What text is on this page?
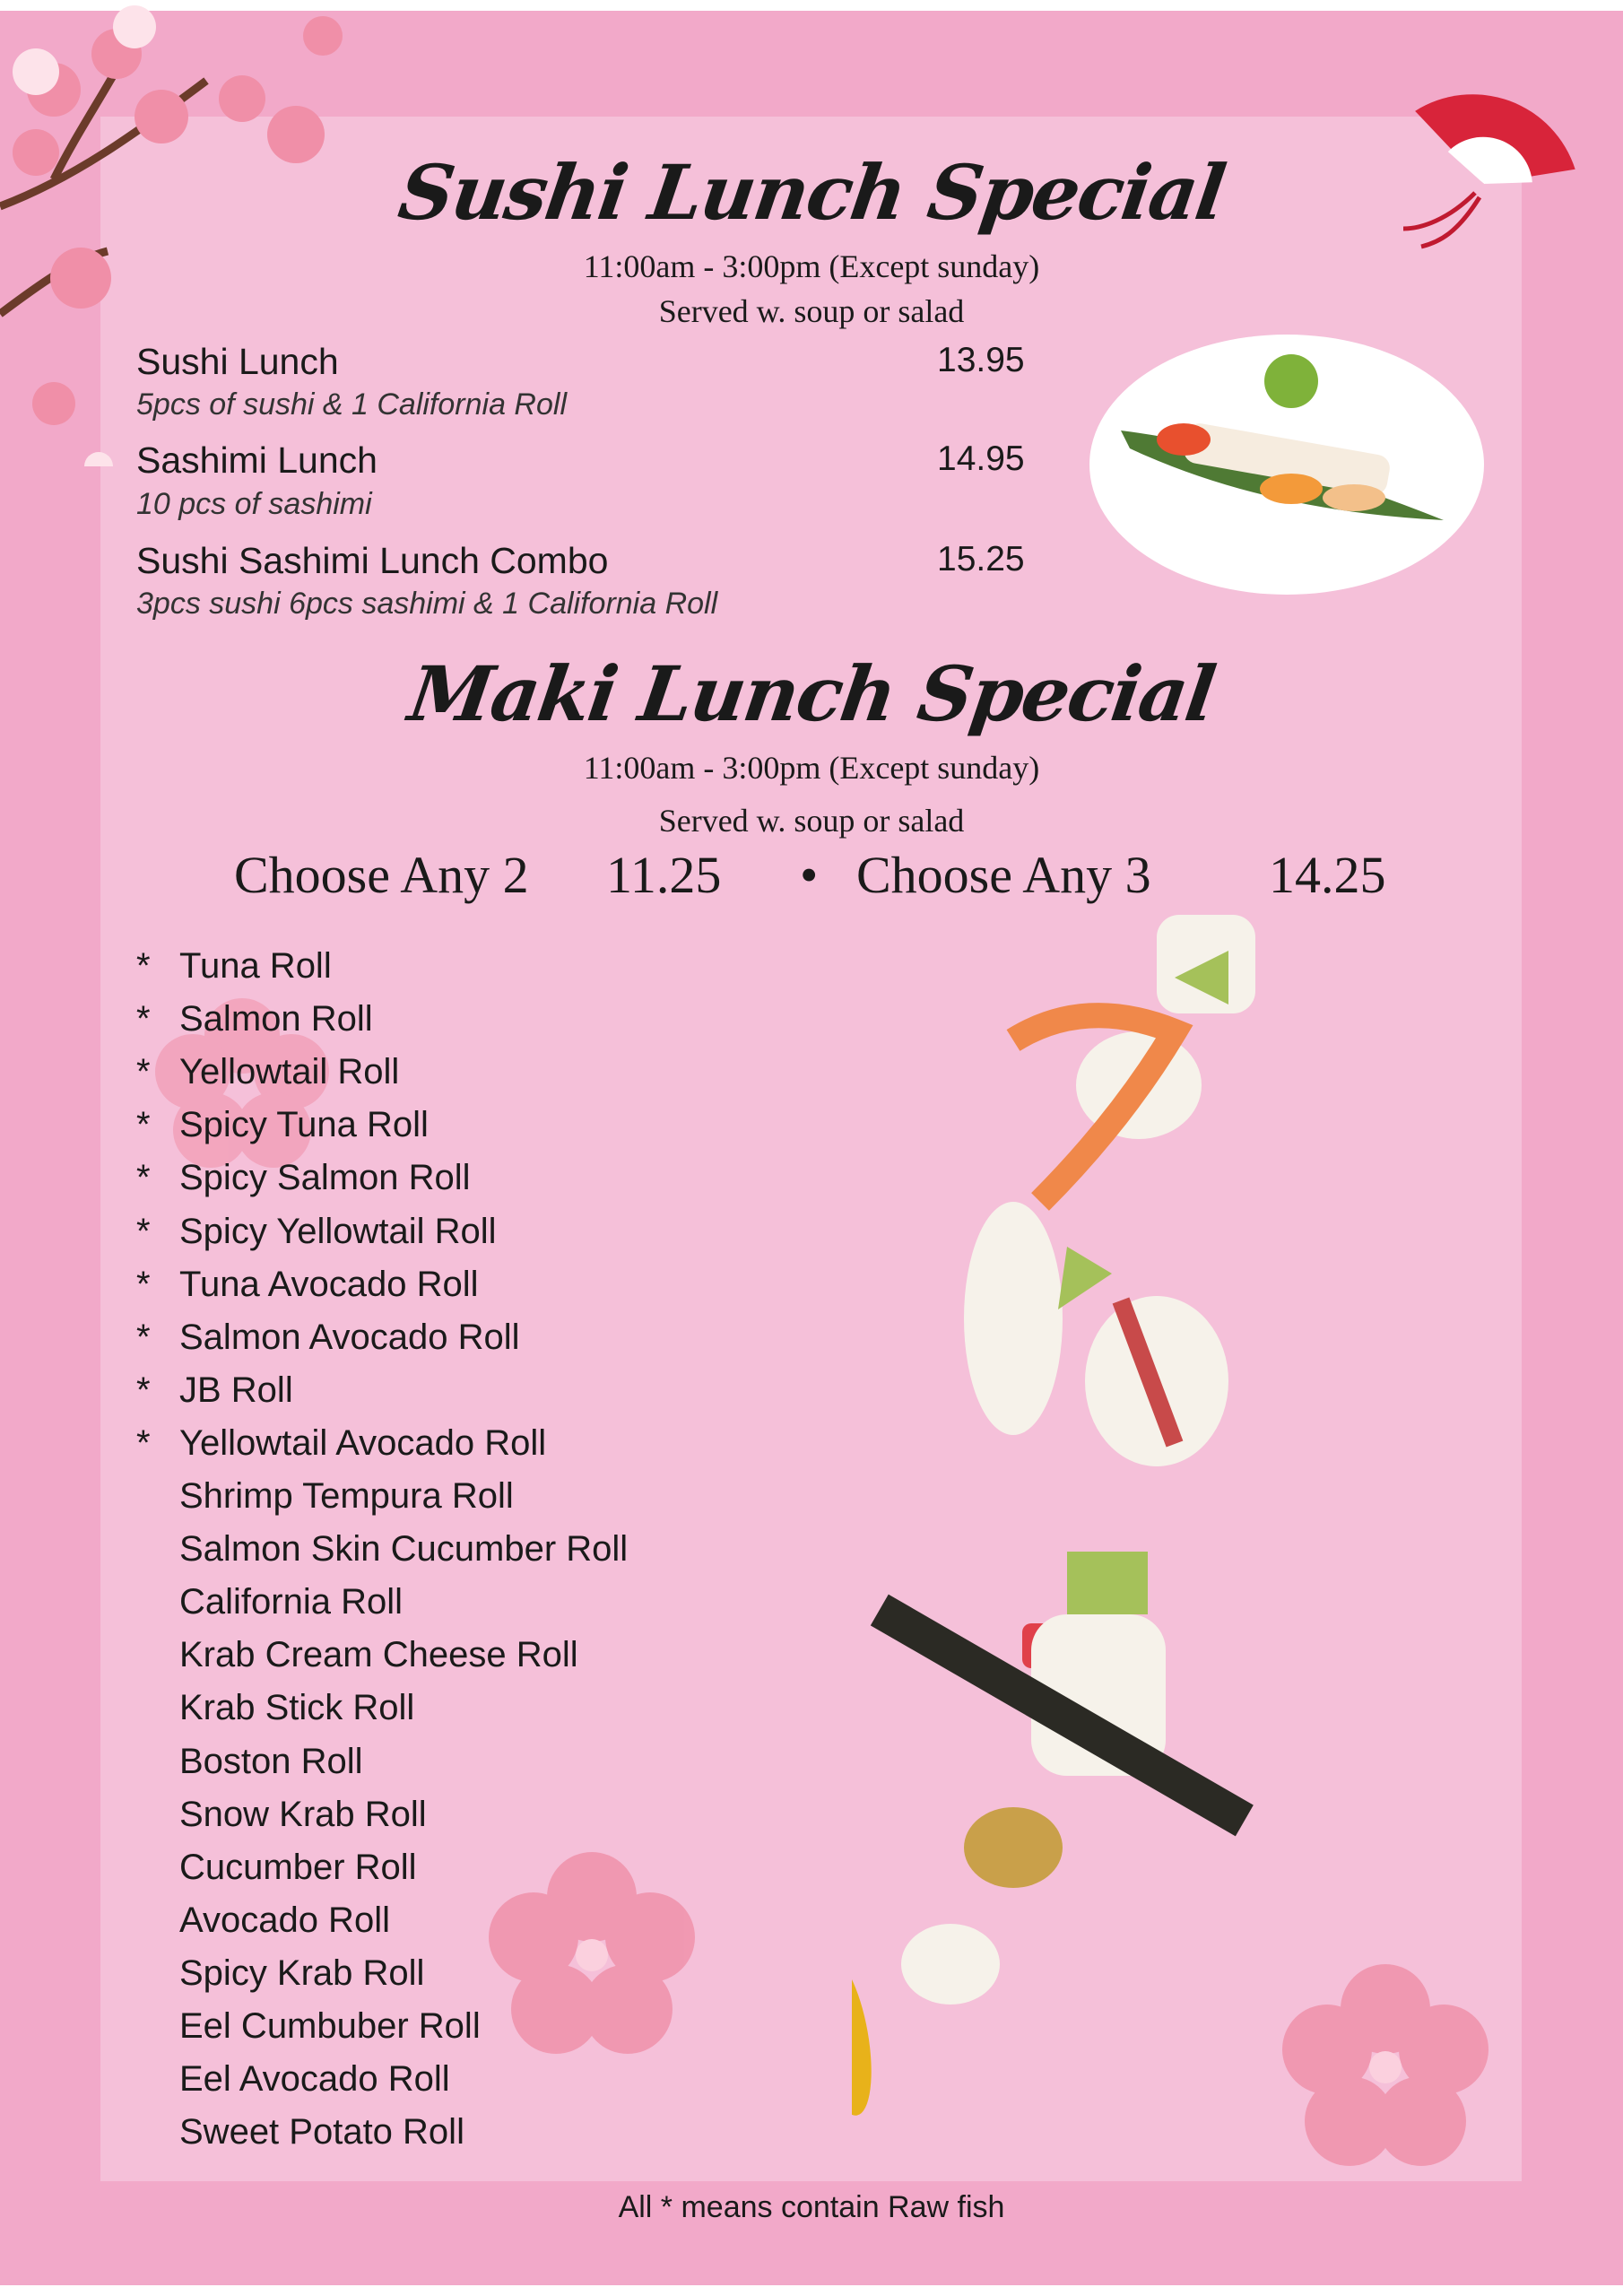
Sushi Lunch Special
11:00am - 3:00pm (Except sunday)
Served w. soup or salad
Sushi Lunch	13.95
5pcs of sushi & 1 California Roll
Sashimi Lunch	14.95
10 pcs of sashimi
Sushi Sashimi Lunch Combo	15.25
3pcs sushi 6pcs sashimi & 1 California Roll
Maki Lunch Special
11:00am - 3:00pm (Except sunday)
Served w. soup or salad
Choose Any 2 11.25 • Choose Any 3 14.25
* Tuna Roll
* Salmon Roll
* Yellowtail Roll
* Spicy Tuna Roll
* Spicy Salmon Roll
* Spicy Yellowtail Roll
* Tuna Avocado Roll
* Salmon Avocado Roll
* JB Roll
* Yellowtail Avocado Roll
Shrimp Tempura Roll
Salmon Skin Cucumber Roll
California Roll
Krab Cream Cheese Roll
Krab Stick Roll
Boston Roll
Snow Krab Roll
Cucumber Roll
Avocado Roll
Spicy Krab Roll
Eel Cumbuber Roll
Eel Avocado Roll
Sweet Potato Roll
All * means contain Raw fish
